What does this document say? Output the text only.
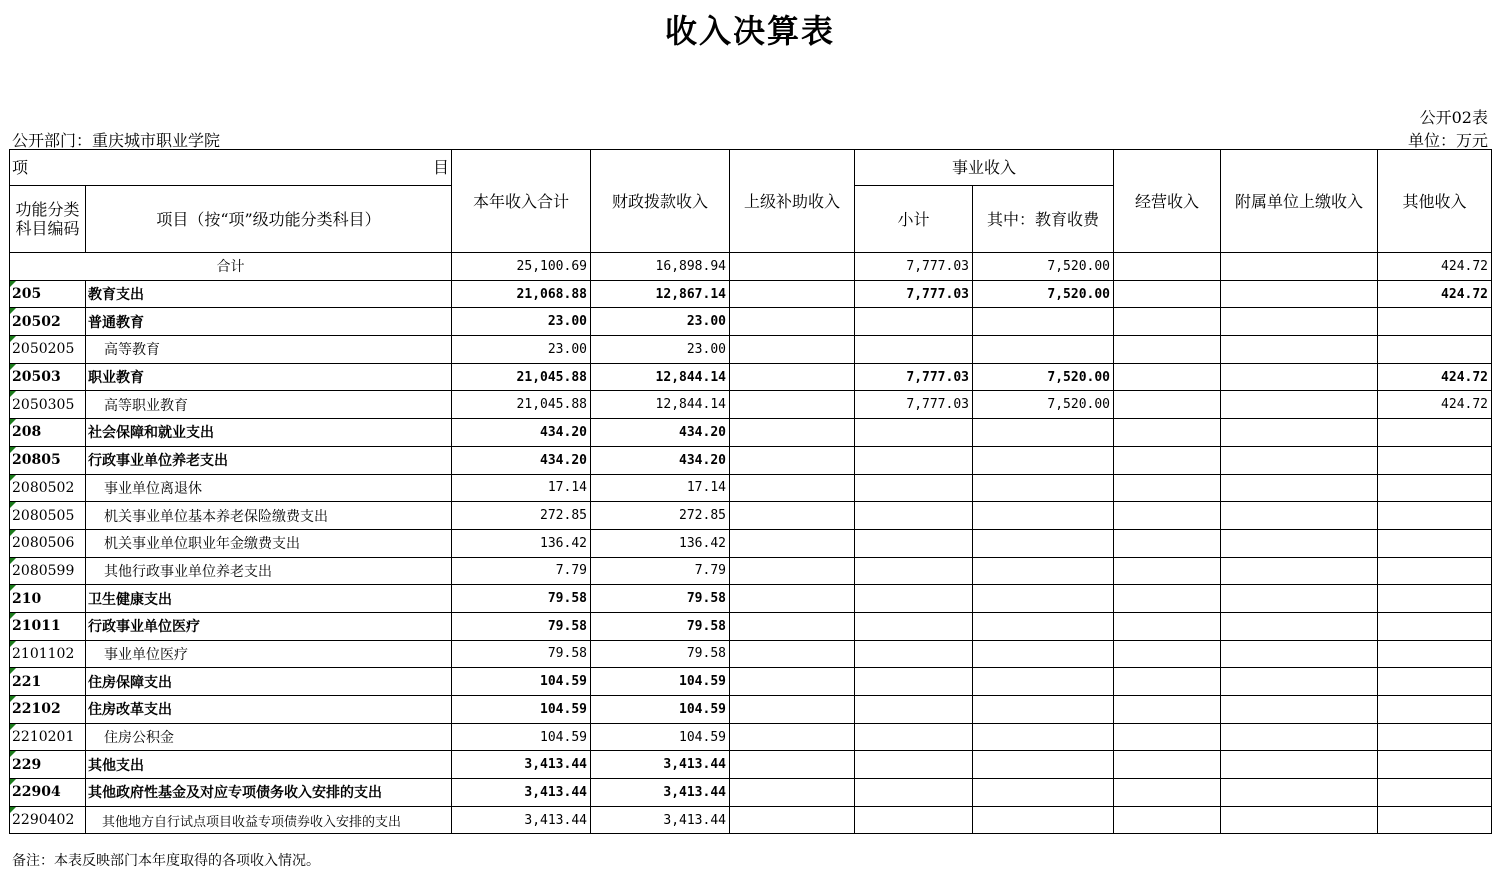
收入决算表
公开02表
公开部门：重庆城市职业学院	单位：万元
项 目		本年收入合计	财政拨款收入	上级补助收入	事业收入		经营收入	附属单位上缴收入	其他收入
功能分类科目编码	项目（按“项”级功能分类科目）				小计	其中：教育收费			
合计		25,100.69	16,898.94		7,777.03	7,520.00			424.72
205	教育支出	21,068.88	12,867.14		7,777.03	7,520.00			424.72
20502	普通教育	23.00	23.00						
2050205	高等教育	23.00	23.00						
20503	职业教育	21,045.88	12,844.14		7,777.03	7,520.00			424.72
2050305	高等职业教育	21,045.88	12,844.14		7,777.03	7,520.00			424.72
208	社会保障和就业支出	434.20	434.20						
20805	行政事业单位养老支出	434.20	434.20						
2080502	事业单位离退休	17.14	17.14						
2080505	机关事业单位基本养老保险缴费支出	272.85	272.85						
2080506	机关事业单位职业年金缴费支出	136.42	136.42						
2080599	其他行政事业单位养老支出	7.79	7.79						
210	卫生健康支出	79.58	79.58						
21011	行政事业单位医疗	79.58	79.58						
2101102	事业单位医疗	79.58	79.58						
221	住房保障支出	104.59	104.59						
22102	住房改革支出	104.59	104.59						
2210201	住房公积金	104.59	104.59						
229	其他支出	3,413.44	3,413.44						
22904	其他政府性基金及对应专项债务收入安排的支出	3,413.44	3,413.44						
2290402	其他地方自行试点项目收益专项债券收入安排的支出	3,413.44	3,413.44						
备注：本表反映部门本年度取得的各项收入情况。
